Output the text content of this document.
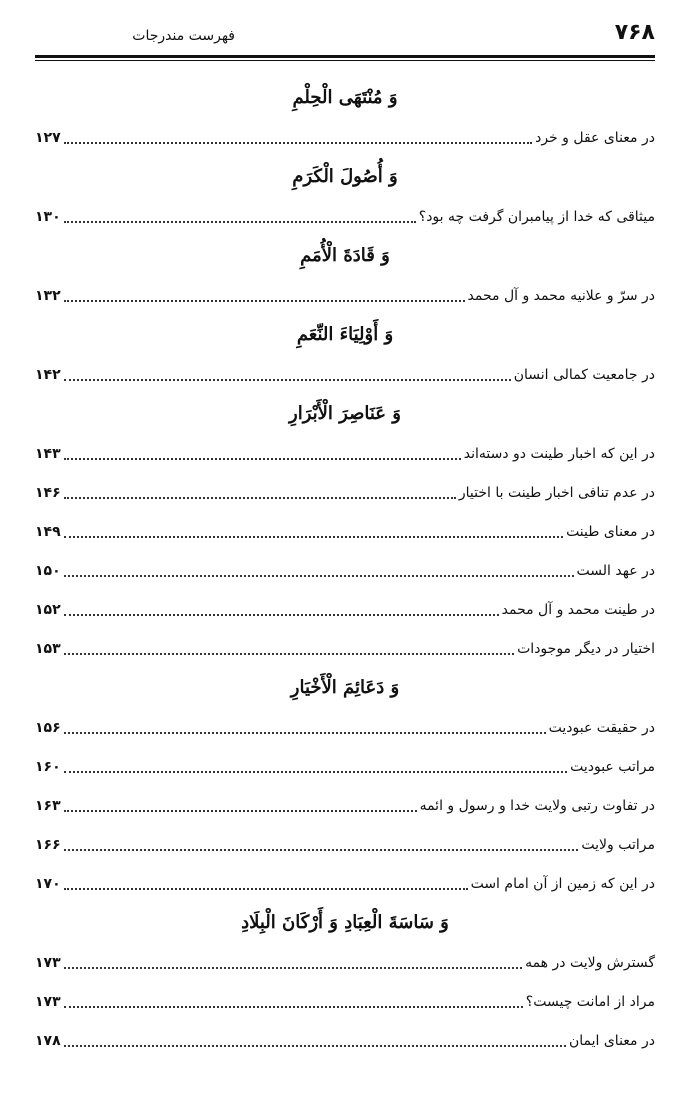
۷۶۸
فهرست مندرجات
وَ مُنْتَهَی الْحِلْمِ
در معنای عقل و خرد
۱۲۷
وَ أُصُولَ الْکَرَمِ
میثاقی که خدا از پیامبران گرفت چه بود؟
۱۳۰
وَ قَادَةَ الْأُمَمِ
در سرّ و علانیه محمد و آل محمد
۱۳۲
وَ أَوْلِيَاءَ النِّعَمِ
در جامعیت کمالی انسان
۱۴۲
وَ عَنَاصِرَ الْأَبْرَارِ
در این که اخبار طینت دو دسته‌اند
۱۴۳
در عدم تنافی اخبار طینت با اختیار
۱۴۶
در معنای طینت
۱۴۹
در عهد الست
۱۵۰
در طینت محمد و آل محمد
۱۵۲
اختیار در دیگر موجودات
۱۵۳
وَ دَعَائِمَ الْأَخْيَارِ
در حقیقت عبودیت
۱۵۶
مراتب عبودیت
۱۶۰
در تفاوت رتبی ولایت خدا و رسول و ائمه
۱۶۳
مراتب ولایت
۱۶۶
در این که زمین از آن امام است
۱۷۰
وَ سَاسَةَ الْعِبَادِ وَ أَرْکَانَ الْبِلَادِ
گسترش ولایت در همه
۱۷۳
مراد از امانت چیست؟
۱۷۳
در معنای ایمان
۱۷۸
